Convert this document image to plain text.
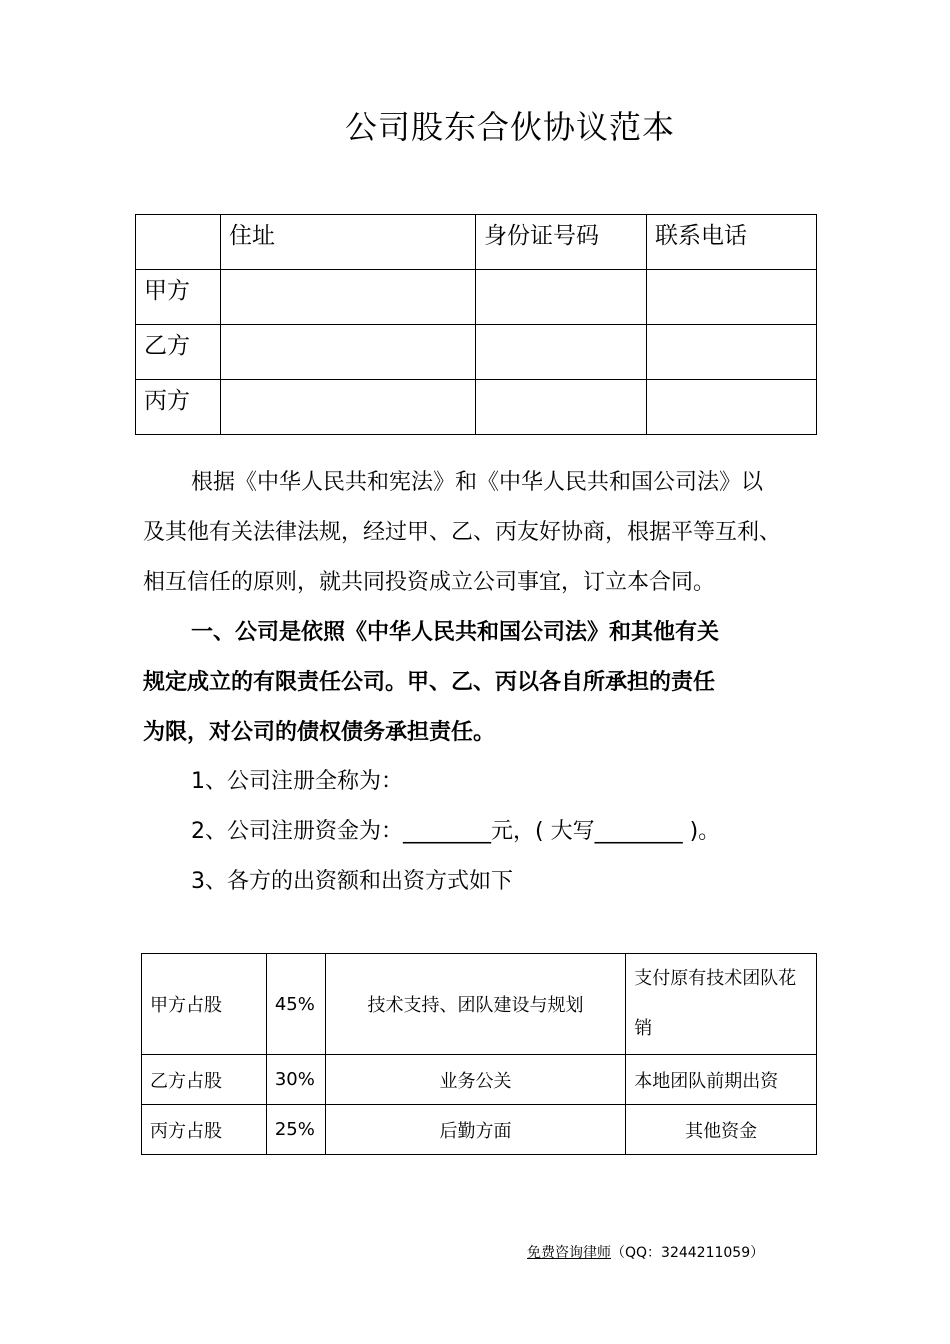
公司股东合伙协议范本
	住址	身份证号码	联系电话
甲方			
乙方			
丙方			
根据《中华人民共和宪法》和《中华人民共和国公司法》以
及其他有关法律法规，经过甲、乙、丙友好协商，根据平等互利、
相互信任的原则，就共同投资成立公司事宜，订立本合同。
一、公司是依照《中华人民共和国公司法》和其他有关
规定成立的有限责任公司。甲、乙、丙以各自所承担的责任
为限，对公司的债权债务承担责任。
1、公司注册全称为：
2、公司注册资金为：________元，( 大写________ )。
3、各方的出资额和出资方式如下
甲方占股	45%	技术支持、团队建设与规划	支付原有技术团队花销
乙方占股	30%	业务公关	本地团队前期出资
丙方占股	25%	后勤方面	其他资金
免费咨询律师（QQ：3244211059）
